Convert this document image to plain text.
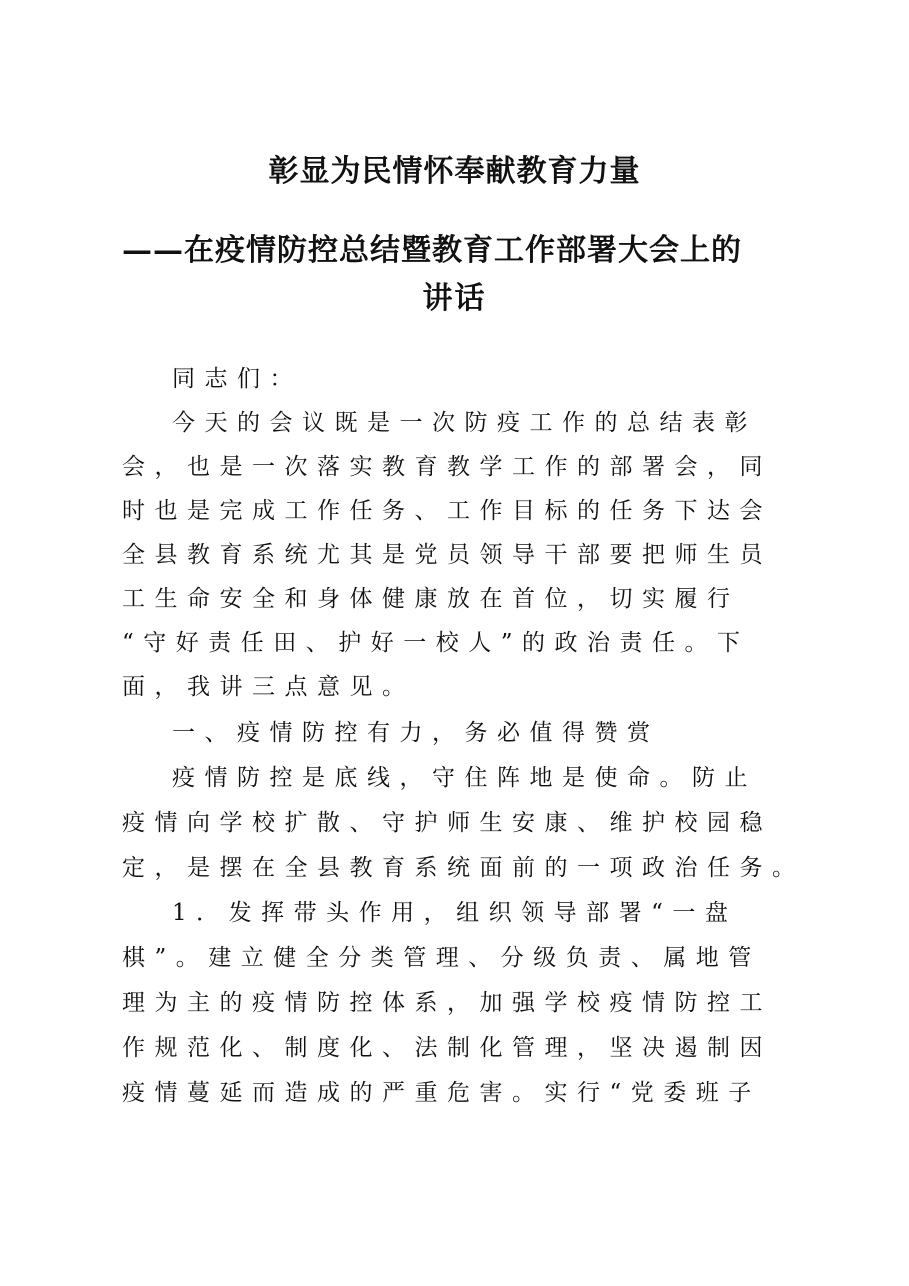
彰显为民情怀奉献教育力量
——在疫情防控总结暨教育工作部署大会上的
讲话
同志们：
今天的会议既是一次防疫工作的总结表彰
会，也是一次落实教育教学工作的部署会，同
时也是完成工作任务、工作目标的任务下达会
全县教育系统尤其是党员领导干部要把师生员
工生命安全和身体健康放在首位，切实履行
“守好责任田、护好一校人”的政治责任。下
面，我讲三点意见。
一、疫情防控有力，务必值得赞赏
疫情防控是底线，守住阵地是使命。防止
疫情向学校扩散、守护师生安康、维护校园稳
定，是摆在全县教育系统面前的一项政治任务。
1．发挥带头作用，组织领导部署“一盘
棋”。建立健全分类管理、分级负责、属地管
理为主的疫情防控体系，加强学校疫情防控工
作规范化、制度化、法制化管理，坚决遏制因
疫情蔓延而造成的严重危害。实行“党委班子
